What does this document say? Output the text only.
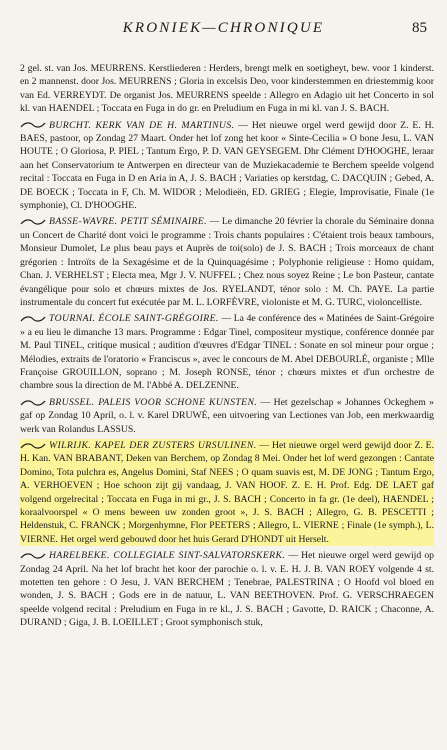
KRONIEK—CHRONIQUE	85

2 gel. st. van Jos. MEURRENS. Kerstliederen : Herders, brengt melk en soetigheyt, bew. voor 1 kinderst. en 2 mannenst. door Jos. MEURRENS ; Gloria in excelsis Deo, voor kinderstemmen en driestemmig koor van Ed. VERREYDT. De organist Jos. MEURRENS speelde : Allegro en Adagio uit het Concerto in sol kl. van HAENDEL ; Toccata en Fuga in do gr. en Preludium en Fuga in mi kl. van J. S. BACH.

BURCHT. KERK VAN DE H. MARTINUS. — Het nieuwe orgel werd gewijd door Z. E. H. BAES, pastoor, op Zondag 27 Maart. Onder het lof zong het koor « Sinte-Cecilia » O bone Jesu, L. VAN HOUTE ; O Gloriosa, P. PIEL ; Tantum Ergo, P. D. VAN GEYSEGEM. Dhr Clément D'HOOGHE, leraar aan het Conservatorium te Antwerpen en directeur van de Muziekacademie te Berchem speelde volgend recital : Toccata en Fuga in D en Aria in A, J. S. BACH ; Variaties op kerstdag, C. DACQUIN ; Gebed, A. DE BOECK ; Toccata in F, Ch. M. WIDOR ; Melodieën, ED. GRIEG ; Elegie, Improvisatie, Finale (1e symphonie), Cl. D'HOOGHE.

BASSE-WAVRE. PETIT SÉMINAIRE. — Le dimanche 20 février la chorale du Séminaire donna un Concert de Charité dont voici le programme : Trois chants populaires : C'étaient trois beaux tambours, Monsieur Dumolet, Le plus beau pays et Auprès de toi(solo) de J. S. BACH ; Trois morceaux de chant grégorien : Introïts de la Sexagésime et de la Quinquagésime ; Polyphonie religieuse : Homo quidam, Chan. J. VERHELST ; Electa mea, Mgr J. V. NUFFEL ; Chez nous soyez Reine ; Le bon Pasteur, cantate évangélique pour solo et chœurs mixtes de Jos. RYELANDT, ténor solo : M. Ch. PAYE. La partie instrumentale du concert fut exécutée par M. L. LORFÈVRE, violoniste et M. G. TURC, violoncelliste.

TOURNAI. ÉCOLE SAINT-GRÉGOIRE. — La 4e conférence des « Matinées de Saint-Grégoire » a eu lieu le dimanche 13 mars. Programme : Edgar Tinel, compositeur mystique, conférence donnée par M. Paul TINEL, critique musical ; audition d'œuvres d'Edgar TINEL : Sonate en sol mineur pour orgue ; Mélodies, extraits de l'oratorio « Franciscus », avec le concours de M. Abel DEBOURLÉ, organiste ; Mlle Françoise GROUILLON, soprano ; M. Joseph RONSE, ténor ; chœurs mixtes et d'un orchestre de chambre sous la direction de M. l'Abbé A. DELZENNE.

BRUSSEL. PALEIS VOOR SCHONE KUNSTEN. — Het gezelschap « Johannes Ockeghem » gaf op Zondag 10 April, o. l. v. Karel DRUWÉ, een uitvoering van Lectiones van Job, een merkwaardig werk van Rolandus LASSUS.

WILRIJK. KAPEL DER ZUSTERS URSULINEN. — Het nieuwe orgel werd gewijd door Z. E. H. Kan. VAN BRABANT, Deken van Berchem, op Zondag 8 Mei. Onder het lof werd gezongen : Cantate Domino, Tota pulchra es, Angelus Domini, Staf NEES ; O quam suavis est, M. DE JONG ; Tantum Ergo, A. VERHOEVEN ; Hoe schoon zijt gij vandaag, J. VAN HOOF. Z. E. H. Prof. Edg. DE LAET gaf volgend orgelrecital ; Toccata en Fuga in mi gr., J. S. BACH ; Concerto in fa gr. (1e deel), HAENDEL ; koraalvoorspel « O mens beween uw zonden groot », J. S. BACH ; Allegro, G. B. PESCETTI ; Heldenstuk, C. FRANCK ; Morgenhymne, Flor PEETERS ; Allegro, L. VIERNE ; Finale (1e symph.), L. VIERNE. Het orgel werd gebouwd door het huis Gerard D'HONDT uit Herselt.

HARELBEKE. COLLEGIALE SINT-SALVATORSKERK. — Het nieuwe orgel werd gewijd op Zondag 24 April. Na het lof bracht het koor der parochie o. l. v. E. H. J. B. VAN ROEY volgende 4 st. motetten ten gehore : O Jesu, J. VAN BERCHEM ; Tenebrae, PALESTRINA ; O Hoofd vol bloed en wonden, J. S. BACH ; Gods ere in de natuur, L. VAN BEETHOVEN. Prof. G. VERSCHRAEGEN speelde volgend recital : Preludium en Fuga in re kl., J. S. BACH ; Gavotte, D. RAICK ; Chaconne, A. DURAND ; Giga, J. B. LOEILLET ; Groot symphonisch stuk,
